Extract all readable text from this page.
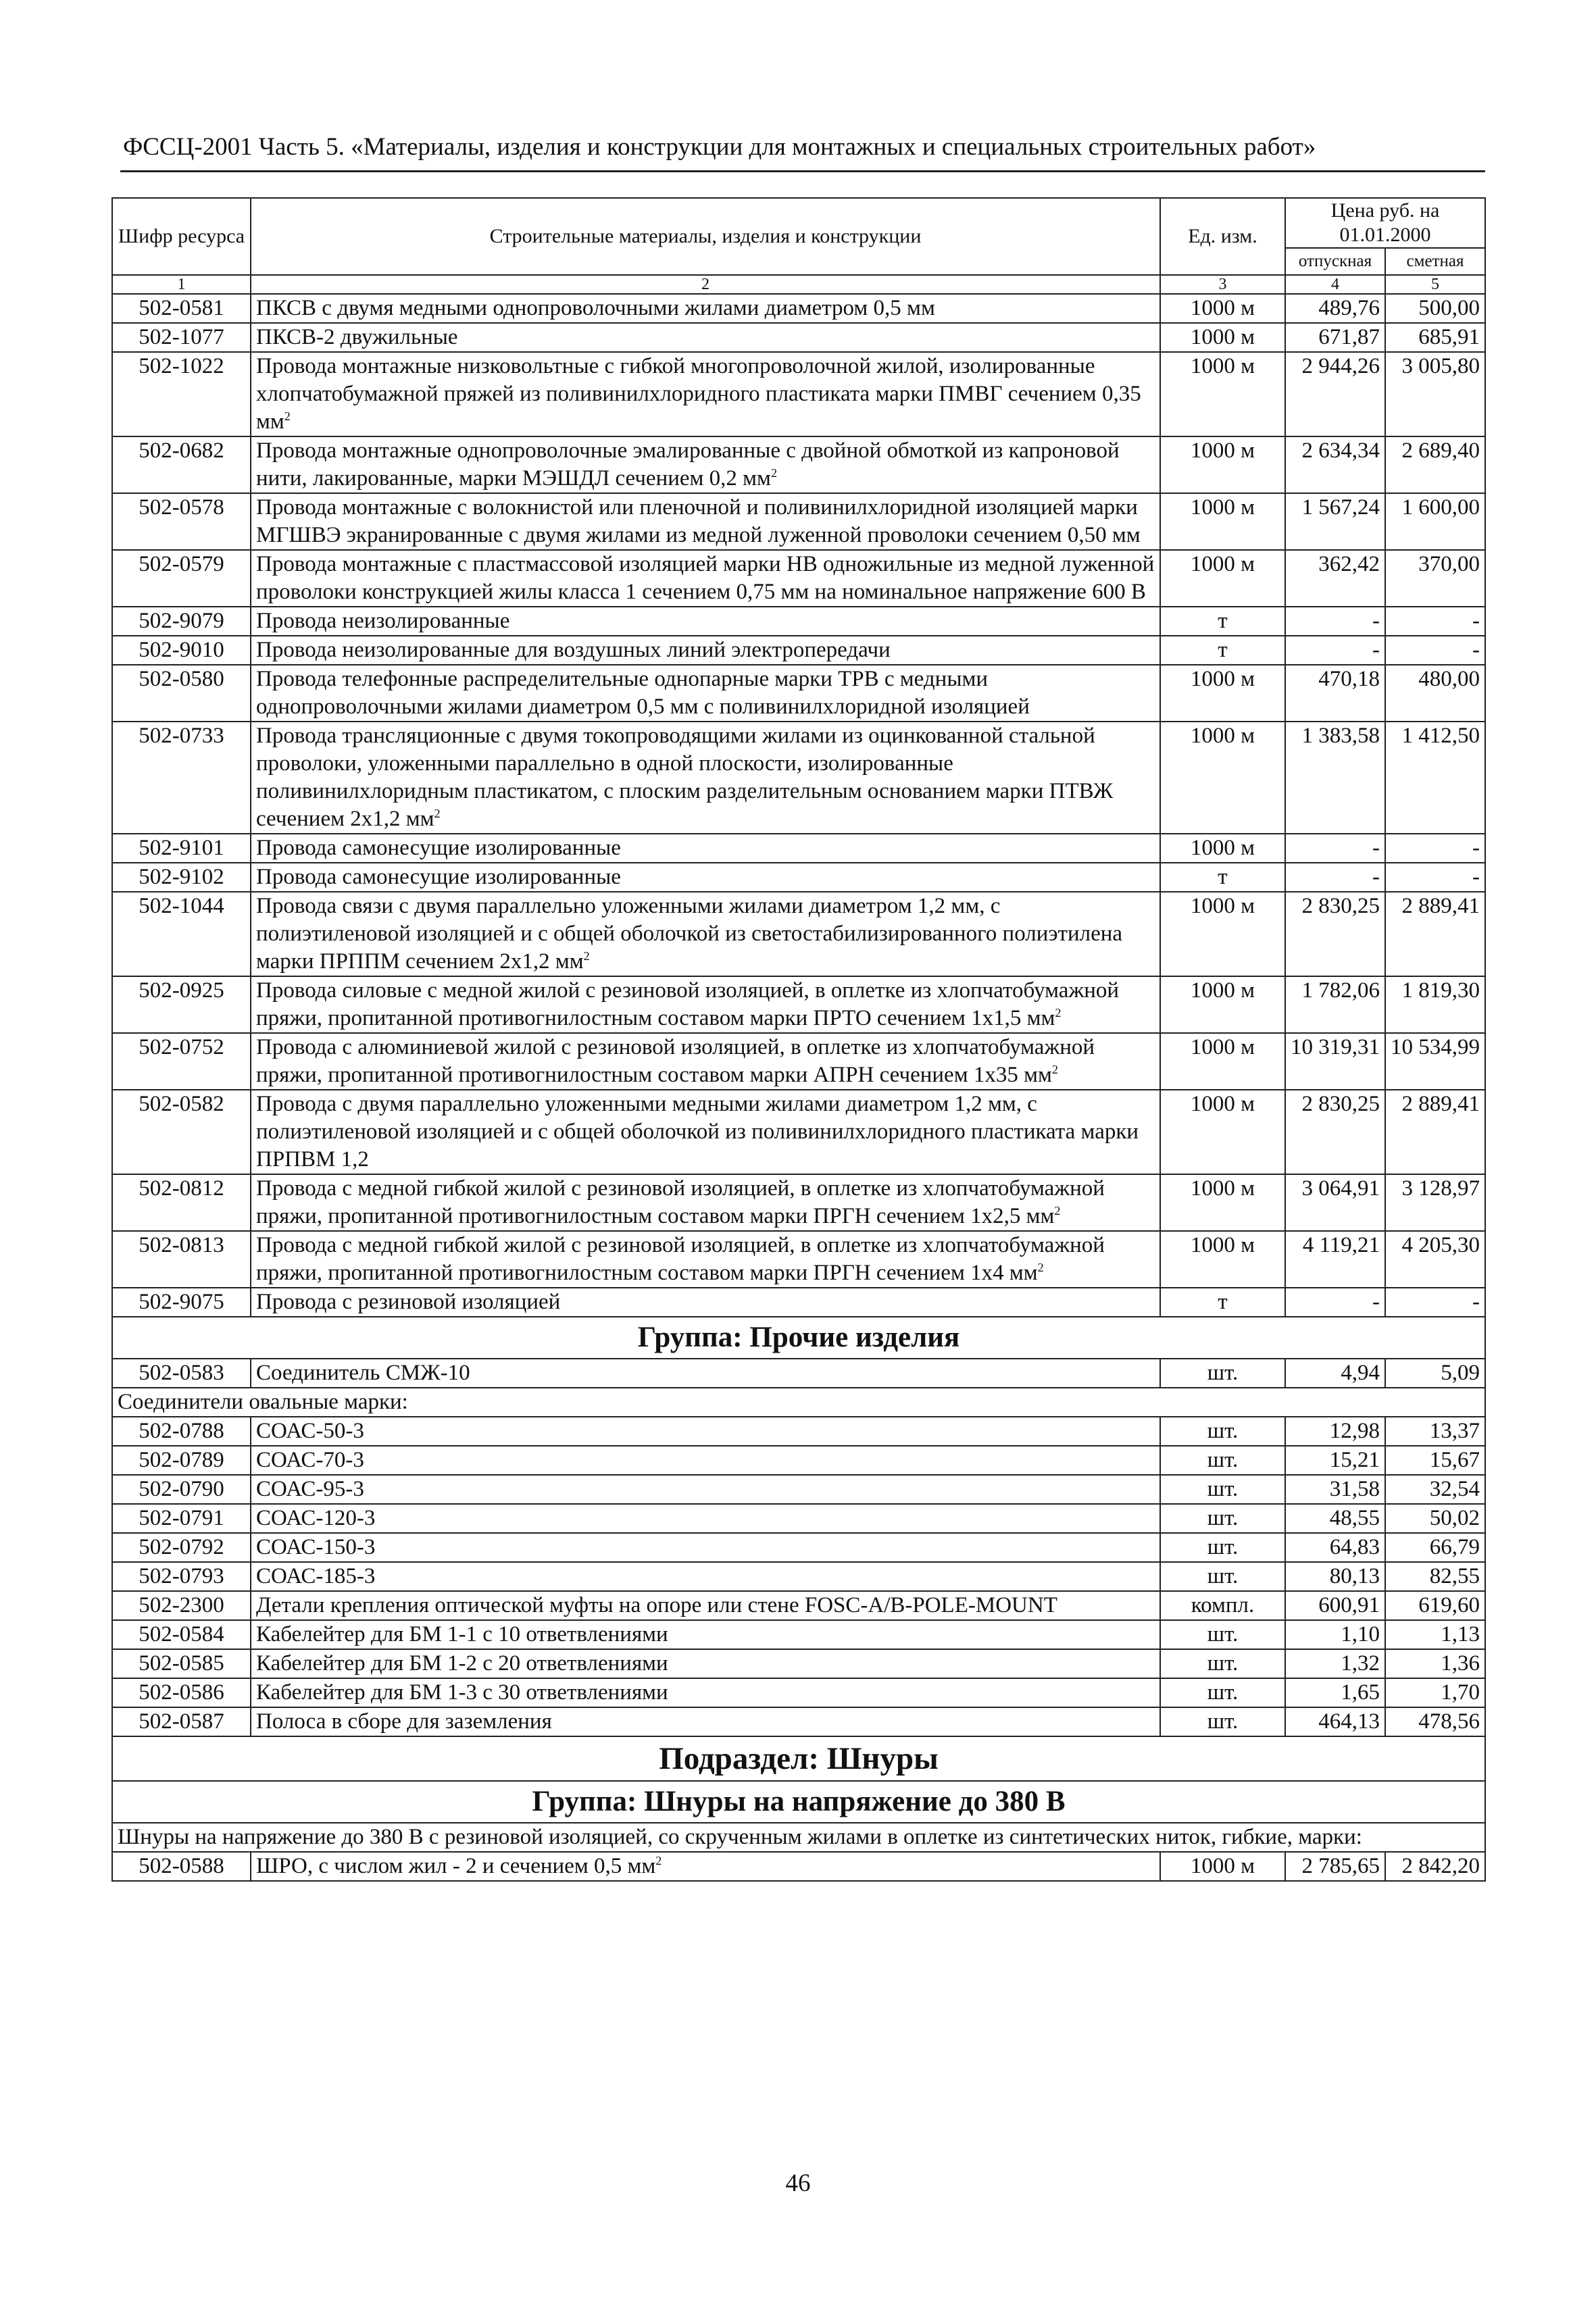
ФССЦ-2001 Часть 5. «Материалы, изделия и конструкции для монтажных и специальных строительных работ»
Шифр ресурса	Строительные материалы, изделия и конструкции	Ед. изм.	Цена руб. на 01.01.2000	
			отпускная	сметная
1	2	3	4	5
502-0581	ПКСВ с двумя медными однопроволочными жилами диаметром 0,5 мм	1000 м	489,76	500,00
502-1077	ПКСВ-2 двужильные	1000 м	671,87	685,91
502-1022	Провода монтажные низковольтные с гибкой многопроволочной жилой, изолированные хлопчатобумажной пряжей из поливинилхлоридного пластиката марки ПМВГ сечением 0,35 $мм^2$	1000 м	2 944,26	3 005,80
502-0682	Провода монтажные однопроволочные эмалированные с двойной обмоткой из капроновой нити, лакированные, марки МЭШДЛ сечением 0,2 $мм^2$	1000 м	2 634,34	2 689,40
502-0578	Провода монтажные с волокнистой или пленочной и поливинилхлоридной изоляцией марки МГШВЭ экранированные с двумя жилами из медной луженной проволоки сечением 0,50 мм	1000 м	1 567,24	1 600,00
502-0579	Провода монтажные с пластмассовой изоляцией марки НВ одножильные из медной луженной проволоки конструкцией жилы класса 1 сечением 0,75 мм на номинальное напряжение 600 В	1000 м	362,42	370,00
502-9079	Провода неизолированные	т	-	-
502-9010	Провода неизолированные для воздушных линий электропередачи	т	-	-
502-0580	Провода телефонные распределительные однопарные марки ТРВ с медными однопроволочными жилами диаметром 0,5 мм с поливинилхлоридной изоляцией	1000 м	470,18	480,00
502-0733	Провода трансляционные с двумя токопроводящими жилами из оцинкованной стальной проволоки, уложенными параллельно в одной плоскости, изолированные поливинилхлоридным пластикатом, с плоским разделительным основанием марки ПТВЖ сечением 2х1,2 $мм^2$	1000 м	1 383,58	1 412,50
502-9101	Провода самонесущие изолированные	1000 м	-	-
502-9102	Провода самонесущие изолированные	т	-	-
502-1044	Провода связи с двумя параллельно уложенными жилами диаметром 1,2 мм, с полиэтиленовой изоляцией и с общей оболочкой из светостабилизированного полиэтилена марки ПРППМ сечением 2х1,2 $мм^2$	1000 м	2 830,25	2 889,41
502-0925	Провода силовые с медной жилой с резиновой изоляцией, в оплетке из хлопчатобумажной пряжи, пропитанной противогнилостным составом марки ПРТО сечением 1х1,5 $мм^2$	1000 м	1 782,06	1 819,30
502-0752	Провода с алюминиевой жилой с резиновой изоляцией, в оплетке из хлопчатобумажной пряжи, пропитанной противогнилостным составом марки АПРН сечением 1х35 $мм^2$	1000 м	10 319,31	10 534,99
502-0582	Провода с двумя параллельно уложенными медными жилами диаметром 1,2 мм, с полиэтиленовой изоляцией и с общей оболочкой из поливинилхлоридного пластиката марки ПРПВМ 1,2	1000 м	2 830,25	2 889,41
502-0812	Провода с медной гибкой жилой с резиновой изоляцией, в оплетке из хлопчатобумажной пряжи, пропитанной противогнилостным составом марки ПРГН сечением 1х2,5 $мм^2$	1000 м	3 064,91	3 128,97
502-0813	Провода с медной гибкой жилой с резиновой изоляцией, в оплетке из хлопчатобумажной пряжи, пропитанной противогнилостным составом марки ПРГН сечением 1х4 $мм^2$	1000 м	4 119,21	4 205,30
502-9075	Провода с резиновой изоляцией	т	-	-
Группа: Прочие изделия				
502-0583	Соединитель СМЖ-10	шт.	4,94	5,09
Соединители овальные марки:				
502-0788	СОАС-50-3	шт.	12,98	13,37
502-0789	СОАС-70-3	шт.	15,21	15,67
502-0790	СОАС-95-3	шт.	31,58	32,54
502-0791	СОАС-120-3	шт.	48,55	50,02
502-0792	СОАС-150-3	шт.	64,83	66,79
502-0793	СОАС-185-3	шт.	80,13	82,55
502-2300	Детали крепления оптической муфты на опоре или стене FOSC-A/B-POLE-MOUNT	компл.	600,91	619,60
502-0584	Кабелейтер для БМ 1-1 с 10 ответвлениями	шт.	1,10	1,13
502-0585	Кабелейтер для БМ 1-2 с 20 ответвлениями	шт.	1,32	1,36
502-0586	Кабелейтер для БМ 1-3 с 30 ответвлениями	шт.	1,65	1,70
502-0587	Полоса в сборе для заземления	шт.	464,13	478,56
Подраздел: Шнуры				
Группа: Шнуры на напряжение до 380 В				
Шнуры на напряжение до 380 В с резиновой изоляцией, со скрученным жилами в оплетке из синтетических ниток, гибкие, марки:				
502-0588	ШРО, с числом жил - 2 и сечением 0,5 $мм^2$	1000 м	2 785,65	2 842,20
46
